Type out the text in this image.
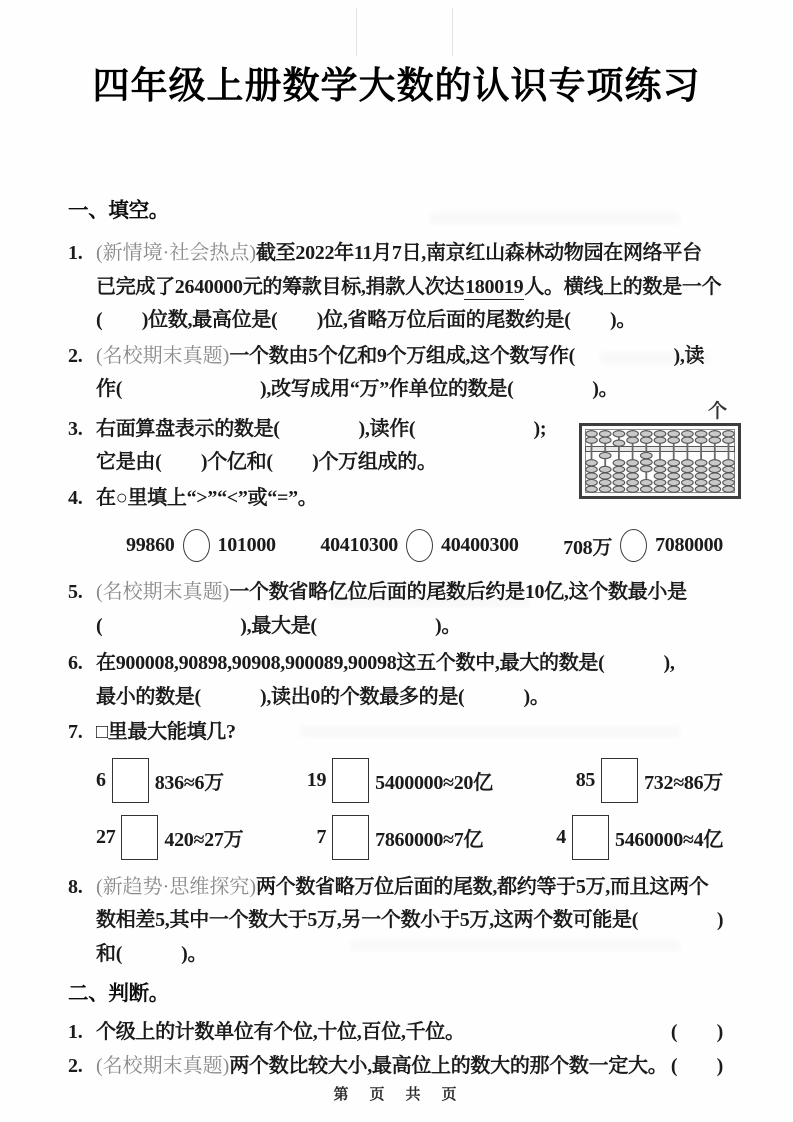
四年级上册数学大数的认识专项练习
一、填空。
1. (新情境·社会热点)截至2022年11月7日,南京红山森林动物园在网络平台
已完成了2640000元的筹款目标,捐款人次达180019人。横线上的数是一个
(　　)位数,最高位是(　　)位,省略万位后面的尾数约是(　　)。
2. (名校期末真题)一个数由5个亿和9个万组成,这个数写作(　　　　　),读
作(　　　　　　　),改写成用“万”作单位的数是(　　　　)。
3. 右面算盘表示的数是(　　　　),读作(　　　　　　);
它是由(　　)个亿和(　　)个万组成的。
4. 在○里填上“>”“<”或“=”。
99860 101000 40410300 40400300 708万 7080000
5. (名校期末真题)一个数省略亿位后面的尾数后约是10亿,这个数最小是
(　　　　　　　),最大是(　　　　　　)。
6. 在900008,90898,90908,900089,90098这五个数中,最大的数是(　　　),
最小的数是(　　　),读出0的个数最多的是(　　　)。
7. □里最大能填几?
6 836≈6万	19 5400000≈20亿	85 732≈86万
27 420≈27万	7 7860000≈7亿	4 5460000≈4亿
8. (新趋势·思维探究)两个数省略万位后面的尾数,都约等于5万,而且这两个
数相差5,其中一个数大于5万,另一个数小于5万,这两个数可能是(　　　　)
和(　　　)。
二、判断。
1. 个级上的计数单位有个位,十位,百位,千位。	(　　)
2. (名校期末真题)两个数比较大小,最高位上的数大的那个数一定大。 (　　)
个
第　页　共　页
